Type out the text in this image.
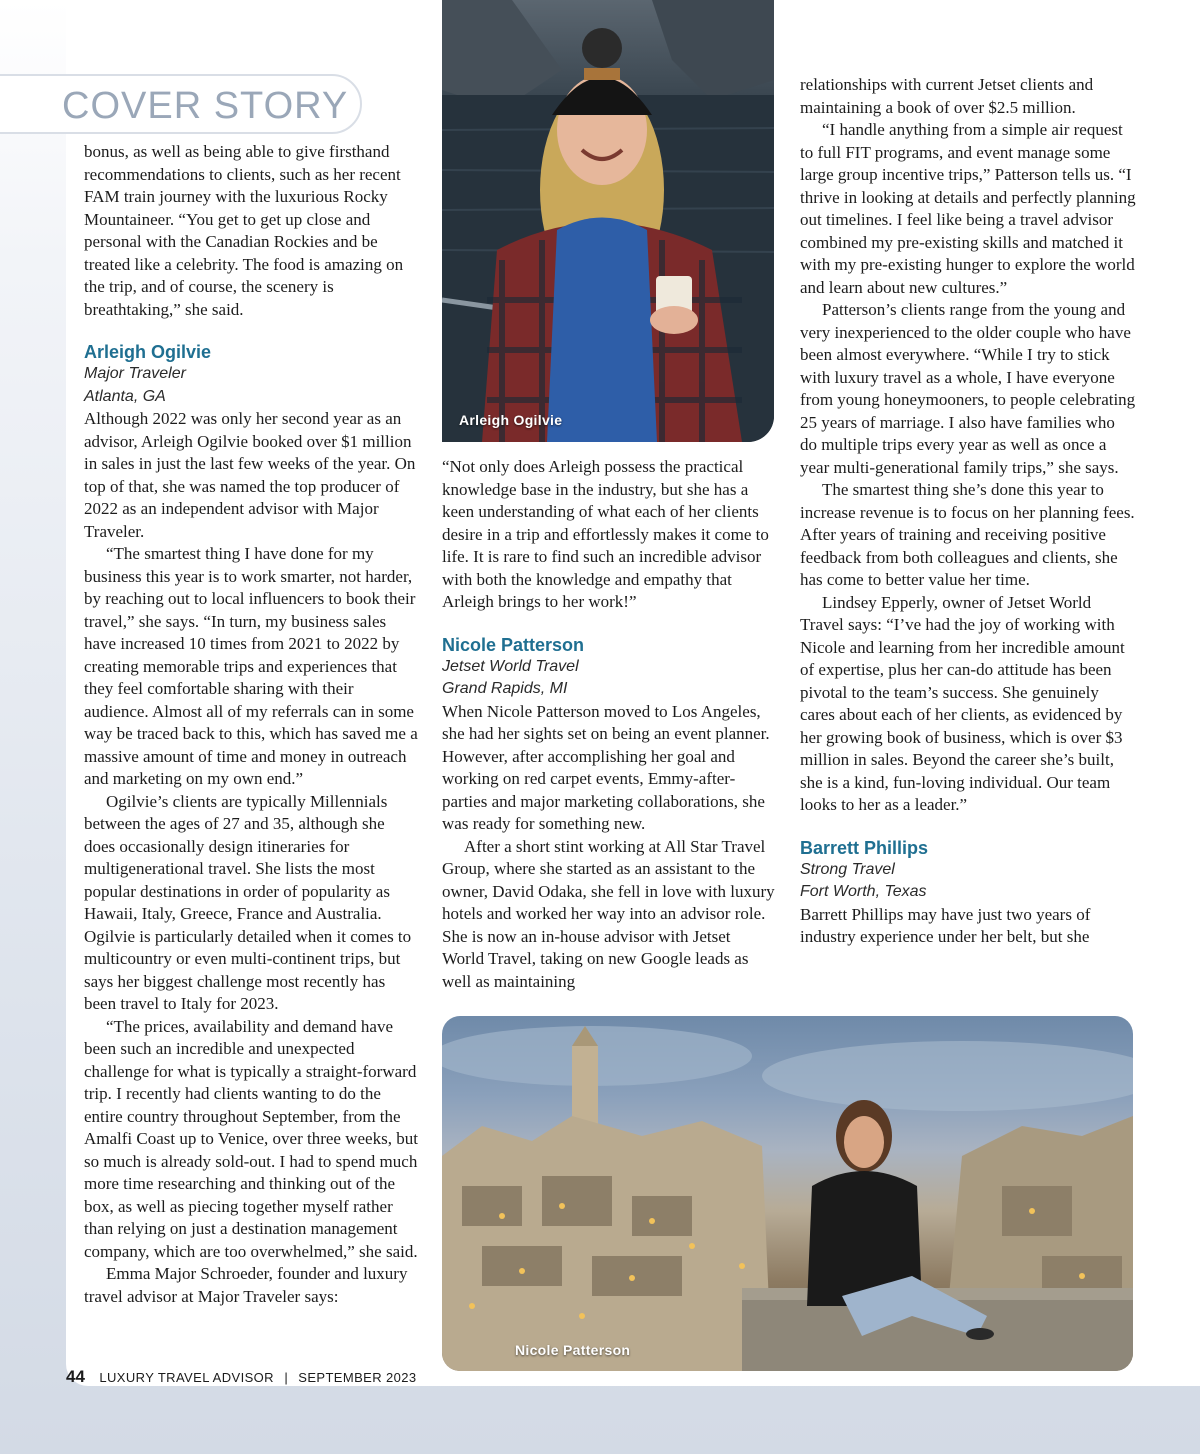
COVER STORY
Arleigh Ogilvie

bonus, as well as being able to give firsthand recommendations to clients, such as her recent FAM train journey with the luxurious Rocky Mountaineer. “You get to get up close and personal with the Canadian Rockies and be treated like a celebrity. The food is amazing on the trip, and of course, the scenery is breathtaking,” she said.

Arleigh Ogilvie

Major Traveler

Atlanta, GA

Although 2022 was only her second year as an advisor, Arleigh Ogilvie booked over $1 million in sales in just the last few weeks of the year. On top of that, she was named the top producer of 2022 as an independent advisor with Major Traveler.

“The smartest thing I have done for my business this year is to work smarter, not harder, by reaching out to local influencers to book their travel,” she says. “In turn, my business sales have increased 10 times from 2021 to 2022 by creating memorable trips and experiences that they feel comfortable sharing with their audience. Almost all of my referrals can in some way be traced back to this, which has saved me a massive amount of time and money in outreach and marketing on my own end.”

Ogilvie’s clients are typically Millennials between the ages of 27 and 35, although she does occasionally design itineraries for multigenerational travel. She lists the most popular destinations in order of popularity as Hawaii, Italy, Greece, France and Australia. Ogilvie is particularly detailed when it comes to multicountry or even multi-continent trips, but says her biggest challenge most recently has been travel to Italy for 2023.

“The prices, availability and demand have been such an incredible and unexpected challenge for what is typically a straight-forward trip. I recently had clients wanting to do the entire country throughout September, from the Amalfi Coast up to Venice, over three weeks, but so much is already sold-out. I had to spend much more time researching and thinking out of the box, as well as piecing together myself rather than relying on just a destination management company, which are too overwhelmed,” she said.

Emma Major Schroeder, founder and luxury travel advisor at Major Traveler says:

“Not only does Arleigh possess the practical knowledge base in the industry, but she has a keen understanding of what each of her clients desire in a trip and effortlessly makes it come to life. It is rare to find such an incredible advisor with both the knowledge and empathy that Arleigh brings to her work!”

Nicole Patterson

Jetset World Travel

Grand Rapids, MI

When Nicole Patterson moved to Los Angeles, she had her sights set on being an event planner. However, after accomplishing her goal and working on red carpet events, Emmy-after-parties and major marketing collaborations, she was ready for something new.

After a short stint working at All Star Travel Group, where she started as an assistant to the owner, David Odaka, she fell in love with luxury hotels and worked her way into an advisor role. She is now an in-house advisor with Jetset World Travel, taking on new Google leads as well as maintaining

relationships with current Jetset clients and maintaining a book of over $2.5 million.

“I handle anything from a simple air request to full FIT programs, and event manage some large group incentive trips,” Patterson tells us. “I thrive in looking at details and perfectly planning out timelines. I feel like being a travel advisor combined my pre-existing skills and matched it with my pre-existing hunger to explore the world and learn about new cultures.”

Patterson’s clients range from the young and very inexperienced to the older couple who have been almost everywhere. “While I try to stick with luxury travel as a whole, I have everyone from young honeymooners, to people celebrating 25 years of marriage. I also have families who do multiple trips every year as well as once a year multi-generational family trips,” she says.

The smartest thing she’s done this year to increase revenue is to focus on her planning fees. After years of training and receiving positive feedback from both colleagues and clients, she has come to better value her time.

Lindsey Epperly, owner of Jetset World Travel says: “I’ve had the joy of working with Nicole and learning from her incredible amount of expertise, plus her can-do attitude has been pivotal to the team’s success. She genuinely cares about each of her clients, as evidenced by her growing book of business, which is over $3 million in sales. Beyond the career she’s built, she is a kind, fun-loving individual. Our team looks to her as a leader.”

Barrett Phillips

Strong Travel

Fort Worth, Texas

Barrett Phillips may have just two years of industry experience under her belt, but she

Nicole Patterson
44 LUXURY TRAVEL ADVISOR | SEPTEMBER 2023
